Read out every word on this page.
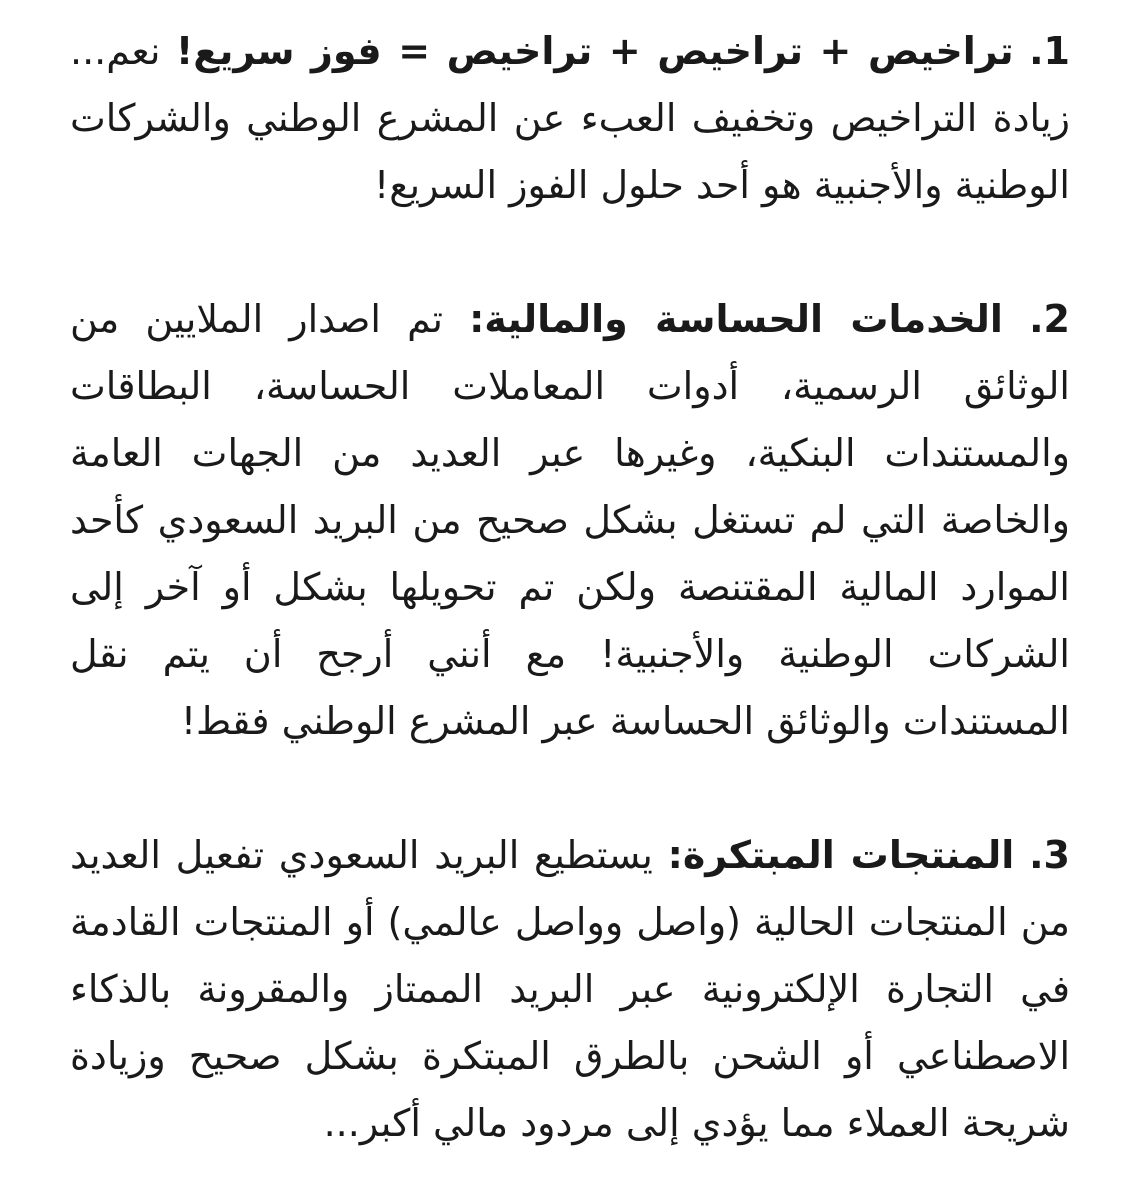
1. تراخيص + تراخيص + تراخيص = فوز سريع! نعم... زيادة التراخيص وتخفيف العبء عن المشرع الوطني والشركات الوطنية والأجنبية هو أحد حلول الفوز السريع!

2. الخدمات الحساسة والمالية: تم اصدار الملايين من الوثائق الرسمية، أدوات المعاملات الحساسة، البطاقات والمستندات البنكية، وغيرها عبر العديد من الجهات العامة والخاصة التي لم تستغل بشكل صحيح من البريد السعودي كأحد الموارد المالية المقتنصة ولكن تم تحويلها بشكل أو آخر إلى الشركات الوطنية والأجنبية! مع أنني أرجح أن يتم نقل المستندات والوثائق الحساسة عبر المشرع الوطني فقط!

3. المنتجات المبتكرة: يستطيع البريد السعودي تفعيل العديد من المنتجات الحالية (واصل وواصل عالمي) أو المنتجات القادمة في التجارة الإلكترونية عبر البريد الممتاز والمقرونة بالذكاء الاصطناعي أو الشحن بالطرق المبتكرة بشكل صحيح وزيادة شريحة العملاء مما يؤدي إلى مردود مالي أكبر...
